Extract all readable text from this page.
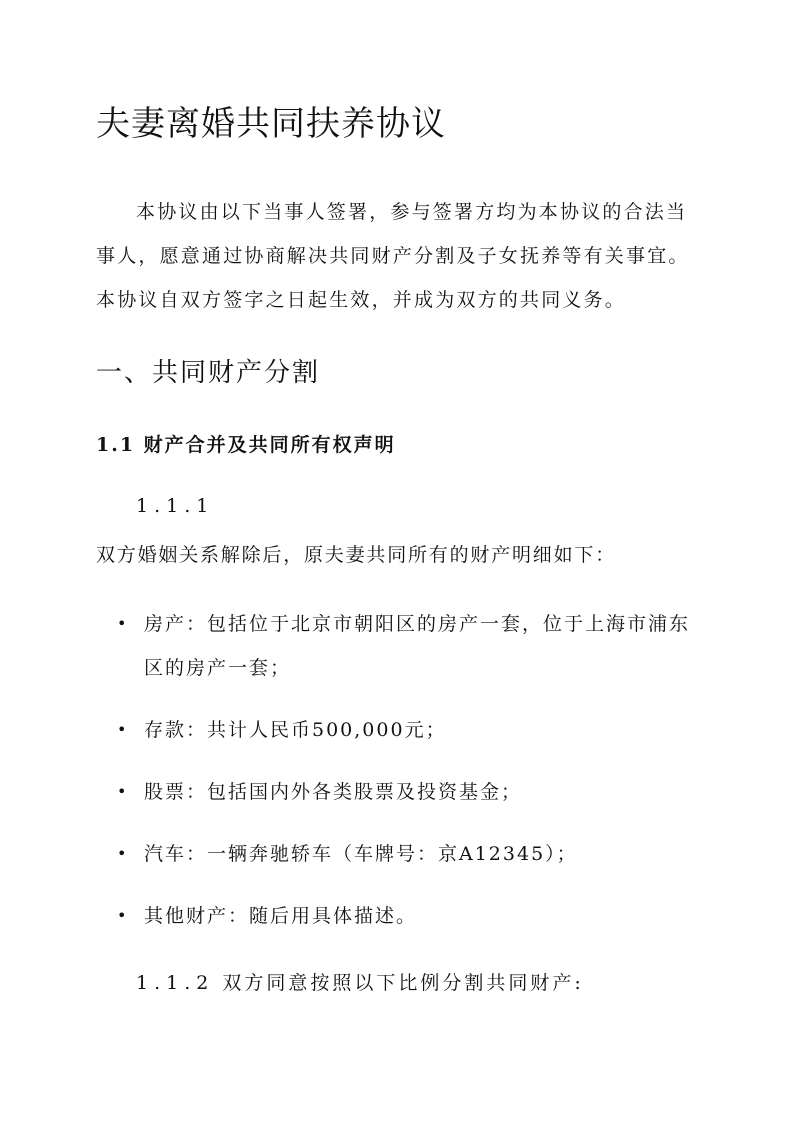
夫妻离婚共同扶养协议

本协议由以下当事人签署，参与签署方均为本协议的合法当事人，愿意通过协商解决共同财产分割及子女抚养等有关事宜。本协议自双方签字之日起生效，并成为双方的共同义务。

一、共同财产分割
1.1 财产合并及共同所有权声明

1.1.1

双方婚姻关系解除后，原夫妻共同所有的财产明细如下：

• 房产：包括位于北京市朝阳区的房产一套，位于上海市浦东区的房产一套；
• 存款：共计人民币500,000元；
• 股票：包括国内外各类股票及投资基金；
• 汽车：一辆奔驰轿车（车牌号：京A12345）；
• 其他财产：随后用具体描述。

1.1.2 双方同意按照以下比例分割共同财产:
